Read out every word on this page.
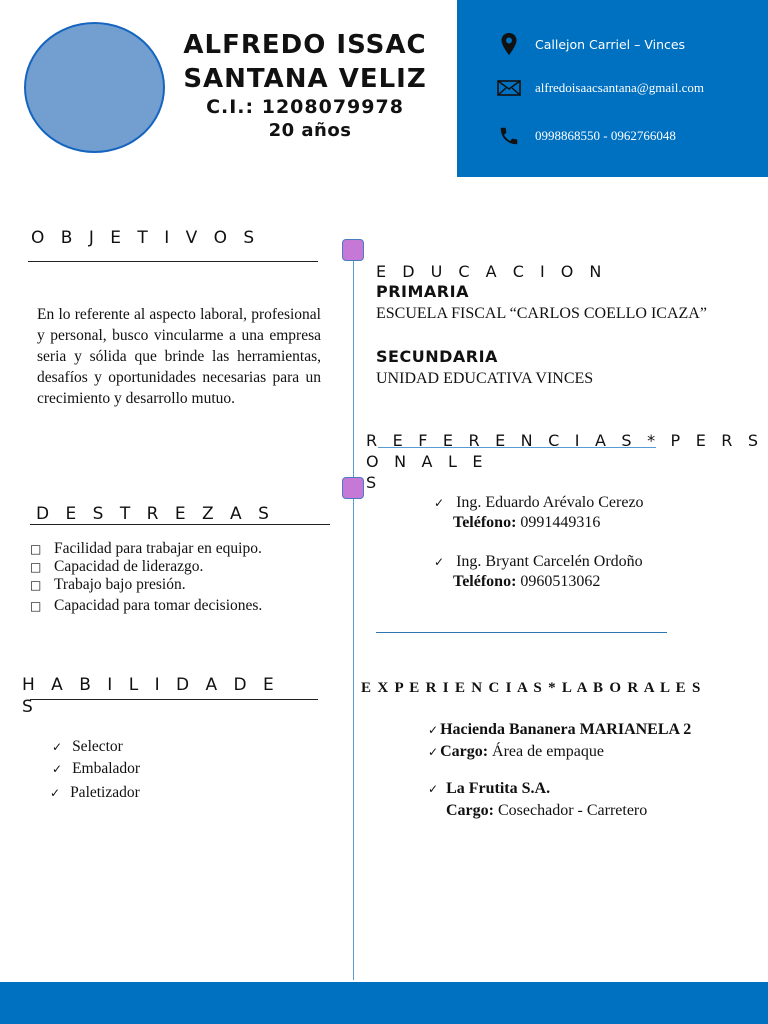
ALFREDO ISSAC
SANTANA VELIZ
C.I.: 1208079978
20 años
Callejon Carriel – Vinces
alfredoisaacsantana@gmail.com
0998868550 - 0962766048
O B J E T I V O S
En lo referente al aspecto laboral, profesional y personal, busco vincularme a una empresa seria y sólida que brinde las herramientas, desafíos y oportunidades necesarias para un crecimiento y desarrollo mutuo.
D E S T R E Z A S
□ Facilidad para trabajar en equipo.
□ Capacidad de liderazgo.
□ Trabajo bajo presión.
□ Capacidad para tomar decisiones.
H A B I L I D A D E
S
✓ Selector
✓ Embalador
✓ Paletizador
E D U C A C I O N
PRIMARIA
ESCUELA FISCAL “CARLOS COELLO ICAZA”
SECUNDARIA
UNIDAD EDUCATIVA VINCES
R E F E R E N C I A S * P E R S O N A L E
S
✓ Ing. Eduardo Arévalo Cerezo
Teléfono: 0991449316
✓ Ing. Bryant Carcelén Ordoño
Teléfono: 0960513062
E X P E R I E N C I A S * L A B O R A L E S
✓ Hacienda Bananera MARIANELA 2
✓ Cargo: Área de empaque
✓ La Frutita S.A.
Cargo: Cosechador - Carretero
